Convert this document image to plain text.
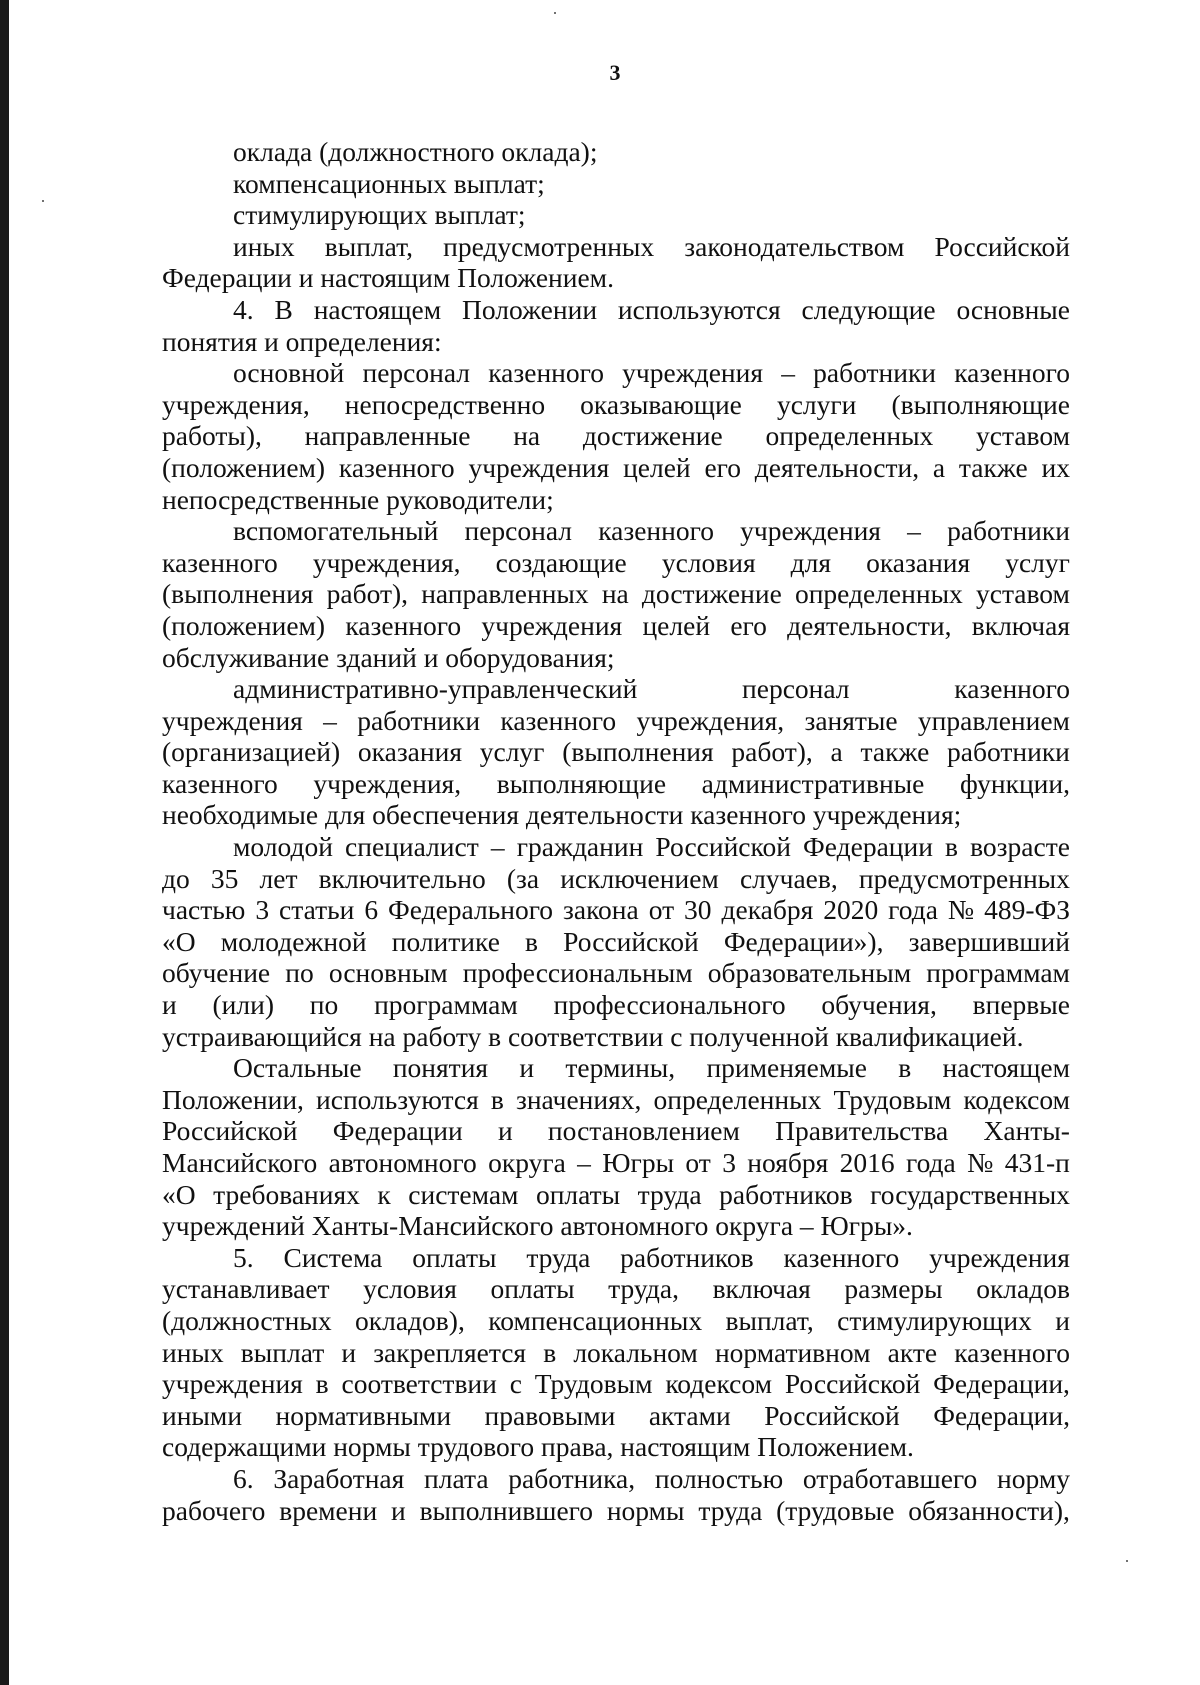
3
оклада (должностного оклада);
компенсационных выплат;
стимулирующих выплат;
иных выплат, предусмотренных законодательством Российской
Федерации и настоящим Положением.
4. В настоящем Положении используются следующие основные
понятия и определения:
основной персонал казенного учреждения – работники казенного
учреждения, непосредственно оказывающие услуги (выполняющие
работы), направленные на достижение определенных уставом
(положением) казенного учреждения целей его деятельности, а также их
непосредственные руководители;
вспомогательный персонал казенного учреждения – работники
казенного учреждения, создающие условия для оказания услуг
(выполнения работ), направленных на достижение определенных уставом
(положением) казенного учреждения целей его деятельности, включая
обслуживание зданий и оборудования;
административно-управленческий	персонал	казенного
учреждения – работники казенного учреждения, занятые управлением
(организацией) оказания услуг (выполнения работ), а также работники
казенного учреждения, выполняющие административные функции,
необходимые для обеспечения деятельности казенного учреждения;
молодой специалист – гражданин Российской Федерации в возрасте
до 35 лет включительно (за исключением случаев, предусмотренных
частью 3 статьи 6 Федерального закона от 30 декабря 2020 года № 489-ФЗ
«О молодежной политике в Российской Федерации»), завершивший
обучение по основным профессиональным образовательным программам
и (или) по программам профессионального обучения, впервые
устраивающийся на работу в соответствии с полученной квалификацией.
Остальные понятия и термины, применяемые в настоящем
Положении, используются в значениях, определенных Трудовым кодексом
Российской Федерации и постановлением Правительства Ханты-
Мансийского автономного округа – Югры от 3 ноября 2016 года № 431-п
«О требованиях к системам оплаты труда работников государственных
учреждений Ханты-Мансийского автономного округа – Югры».
5. Система оплаты труда работников казенного учреждения
устанавливает условия оплаты труда, включая размеры окладов
(должностных окладов), компенсационных выплат, стимулирующих и
иных выплат и закрепляется в локальном нормативном акте казенного
учреждения в соответствии с Трудовым кодексом Российской Федерации,
иными нормативными правовыми актами Российской Федерации,
содержащими нормы трудового права, настоящим Положением.
6. Заработная плата работника, полностью отработавшего норму
рабочего времени и выполнившего нормы труда (трудовые обязанности),
